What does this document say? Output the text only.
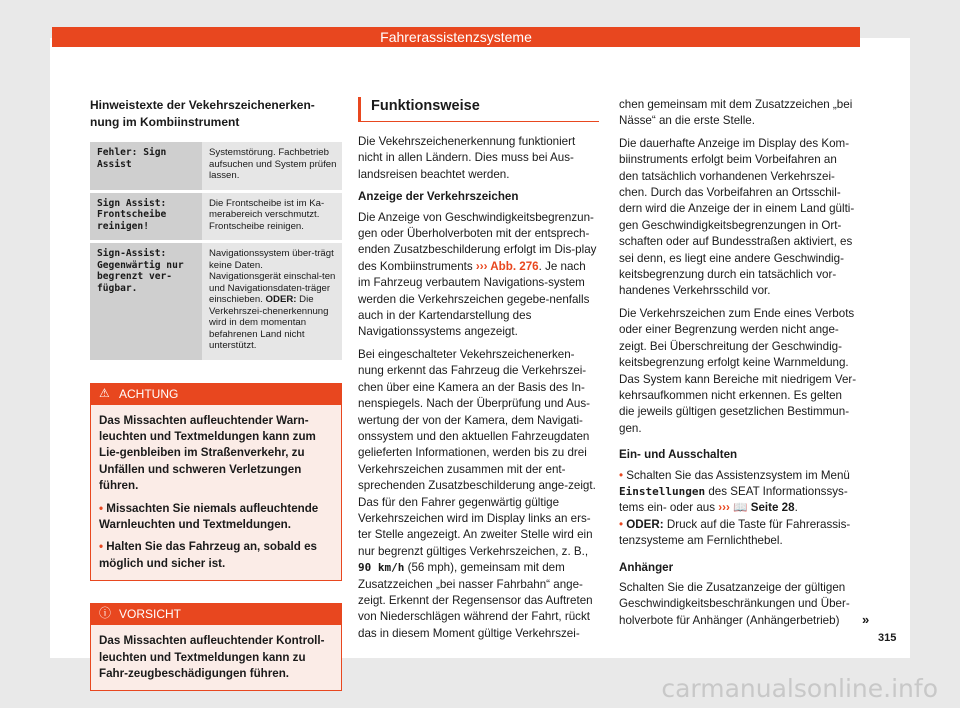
Fahrerassistenzsysteme
Hinweistexte der Vekehrszeichenerken-nung im Kombiinstrument
Fehler: Sign Assist	Systemstörung. Fachbetrieb aufsuchen und System prüfen lassen.
Sign Assist: Frontscheibe reinigen!	Die Frontscheibe ist im Ka-merabereich verschmutzt. Frontscheibe reinigen.
Sign-Assist: Gegenwärtig nur begrenzt ver-fügbar.	Navigationssystem über-trägt keine Daten. Navigationsgerät einschal-ten und Navigationsdaten-träger einschieben. ODER: Die Verkehrszei-chenerkennung wird in dem momentan befahrenen Land nicht unterstützt.
⚠ ACHTUNG

Das Missachten aufleuchtender Warn-leuchten und Textmeldungen kann zum Lie-genbleiben im Straßenverkehr, zu Unfällen und schweren Verletzungen führen.

• Missachten Sie niemals aufleuchtende Warnleuchten und Textmeldungen.

• Halten Sie das Fahrzeug an, sobald es möglich und sicher ist.

ⓘ VORSICHT

Das Missachten aufleuchtender Kontroll-leuchten und Textmeldungen kann zu Fahr-zeugbeschädigungen führen.

Funktionsweise

Die Vekehrszeichenerkennung funktioniert nicht in allen Ländern. Dies muss bei Aus-landsreisen beachtet werden.

Anzeige der Verkehrszeichen

Die Anzeige von Geschwindigkeitsbegrenzun-gen oder Überholverboten mit der entsprech-enden Zusatzbeschilderung erfolgt im Dis-play des Kombiinstruments ››› Abb. 276. Je nach im Fahrzeug verbautem Navigations-system werden die Verkehrszeichen gegebe-nenfalls auch in der Kartendarstellung des Navigationssystems angezeigt.

Bei eingeschalteter Vekehrszeichenerken-nung erkennt das Fahrzeug die Verkehrszei-chen über eine Kamera an der Basis des In-nenspiegels. Nach der Überprüfung und Aus-wertung der von der Kamera, dem Navigati-onssystem und den aktuellen Fahrzeugdaten gelieferten Informationen, werden bis zu drei Verkehrszeichen zusammen mit der ent-sprechenden Zusatzbeschilderung ange-zeigt. Das für den Fahrer gegenwärtig gültige Verkehrszeichen wird im Display links an ers-ter Stelle angezeigt. An zweiter Stelle wird ein nur begrenzt gültiges Verkehrszeichen, z. B., 90 km/h (56 mph), gemeinsam mit dem Zusatzzeichen „bei nasser Fahrbahn“ ange-zeigt. Erkennt der Regensensor das Auftreten von Niederschlägen während der Fahrt, rückt das in diesem Moment gültige Verkehrszei-

chen gemeinsam mit dem Zusatzzeichen „bei Nässe“ an die erste Stelle.

Die dauerhafte Anzeige im Display des Kom-biinstruments erfolgt beim Vorbeifahren an den tatsächlich vorhandenen Verkehrszei-chen. Durch das Vorbeifahren an Ortsschil-dern wird die Anzeige der in einem Land gülti-gen Geschwindigkeitsbegrenzungen in Ort-schaften oder auf Bundesstraßen aktiviert, es sei denn, es liegt eine andere Geschwindig-keitsbegrenzung durch ein tatsächlich vor-handenes Verkehrsschild vor.

Die Verkehrszeichen zum Ende eines Verbots oder einer Begrenzung werden nicht ange-zeigt. Bei Überschreitung der Geschwindig-keitsbegrenzung erfolgt keine Warnmeldung. Das System kann Bereiche mit niedrigem Ver-kehrsaufkommen nicht erkennen. Es gelten die jeweils gültigen gesetzlichen Bestimmun-gen.

Ein- und Ausschalten

• Schalten Sie das Assistenzsystem im Menü Einstellungen des SEAT Informationssys-tems ein- oder aus ››› 📖 Seite 28.

• ODER: Druck auf die Taste für Fahrerassis-tenzsysteme am Fernlichthebel.

Anhänger

Schalten Sie die Zusatzanzeige der gültigen Geschwindigkeitsbeschränkungen und Über-holverbote für Anhänger (Anhängerbetrieb)	»
315
carmanualsonline.info
